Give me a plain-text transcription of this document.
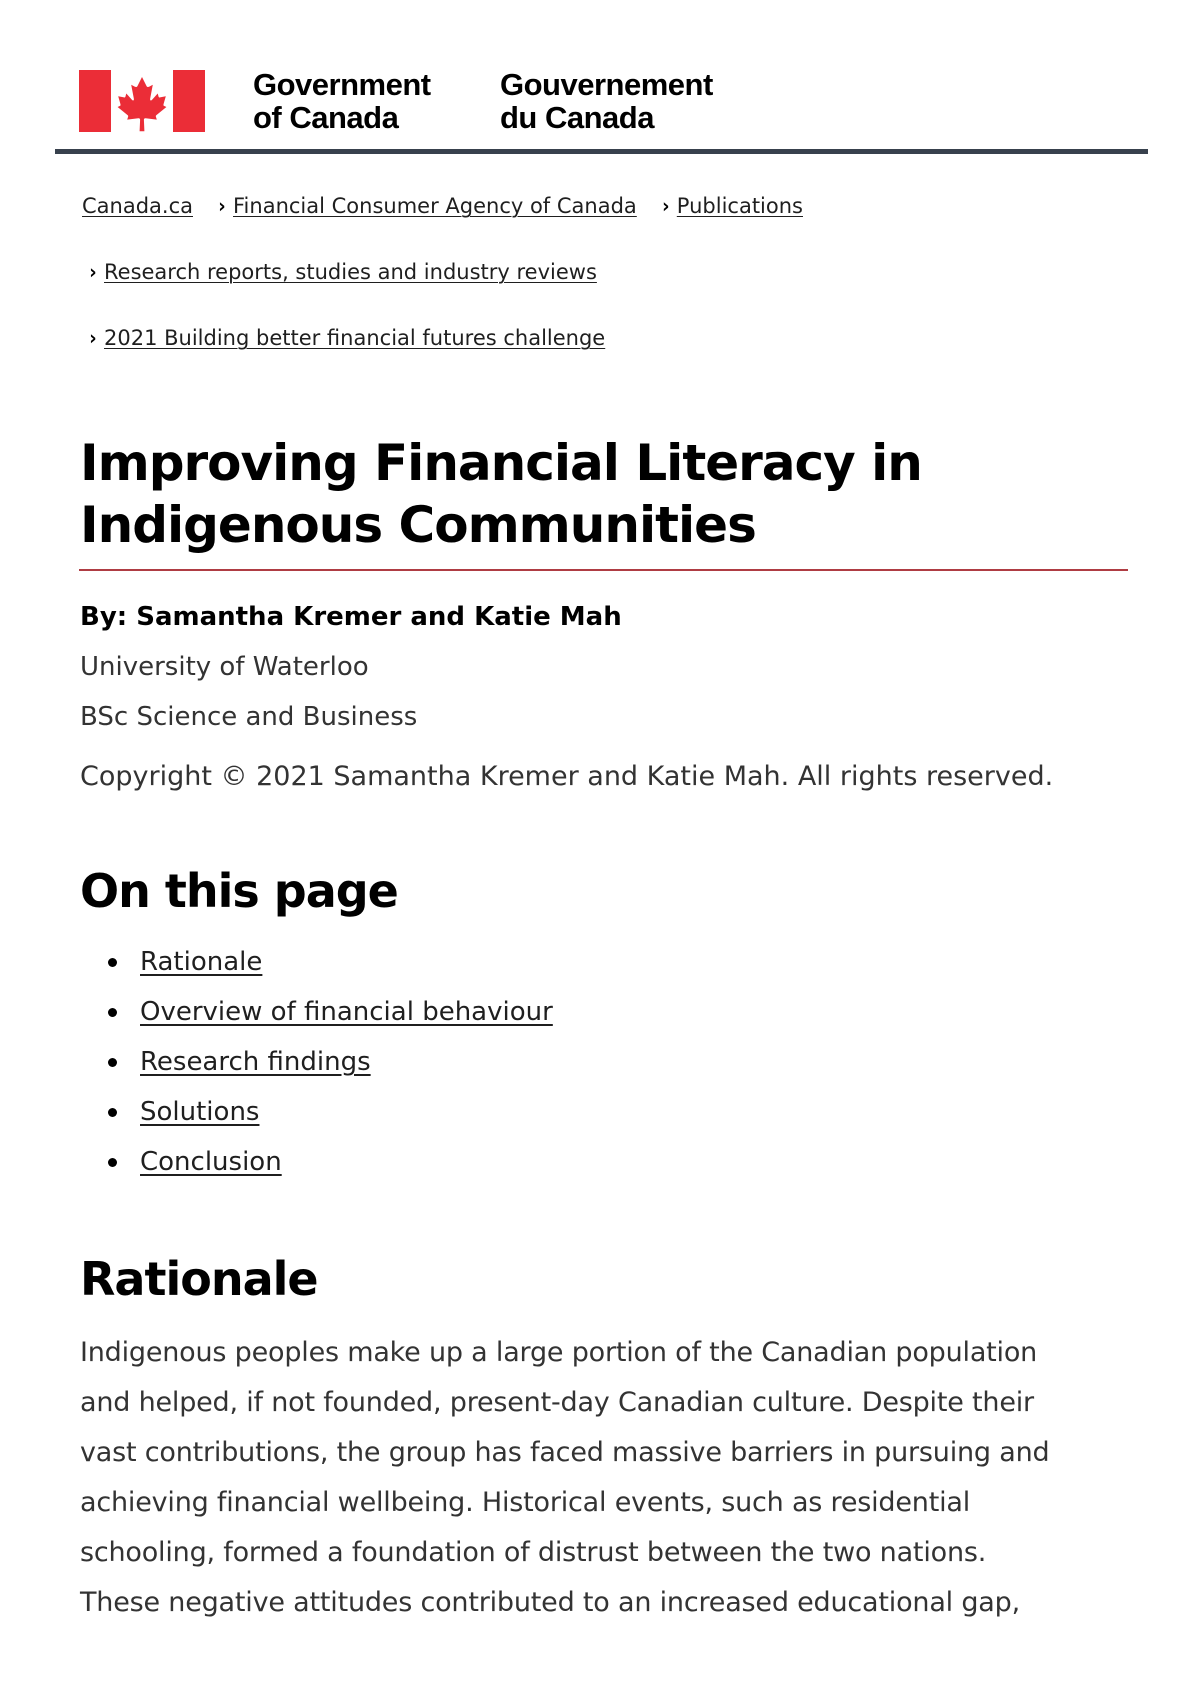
Government
of Canada
Gouvernement
du Canada
Canada.ca	› Financial Consumer Agency of Canada	› Publications
› Research reports, studies and industry reviews
› 2021 Building better financial futures challenge
Improving Financial Literacy in
Indigenous Communities
By: Samantha Kremer and Katie Mah
University of Waterloo
BSc Science and Business
Copyright © 2021 Samantha Kremer and Katie Mah. All rights reserved.
On this page
Rationale
Overview of financial behaviour
Research findings
Solutions
Conclusion
Rationale

Indigenous peoples make up a large portion of the Canadian population
and helped, if not founded, present-day Canadian culture. Despite their
vast contributions, the group has faced massive barriers in pursuing and
achieving financial wellbeing. Historical events, such as residential
schooling, formed a foundation of distrust between the two nations.
These negative attitudes contributed to an increased educational gap,
